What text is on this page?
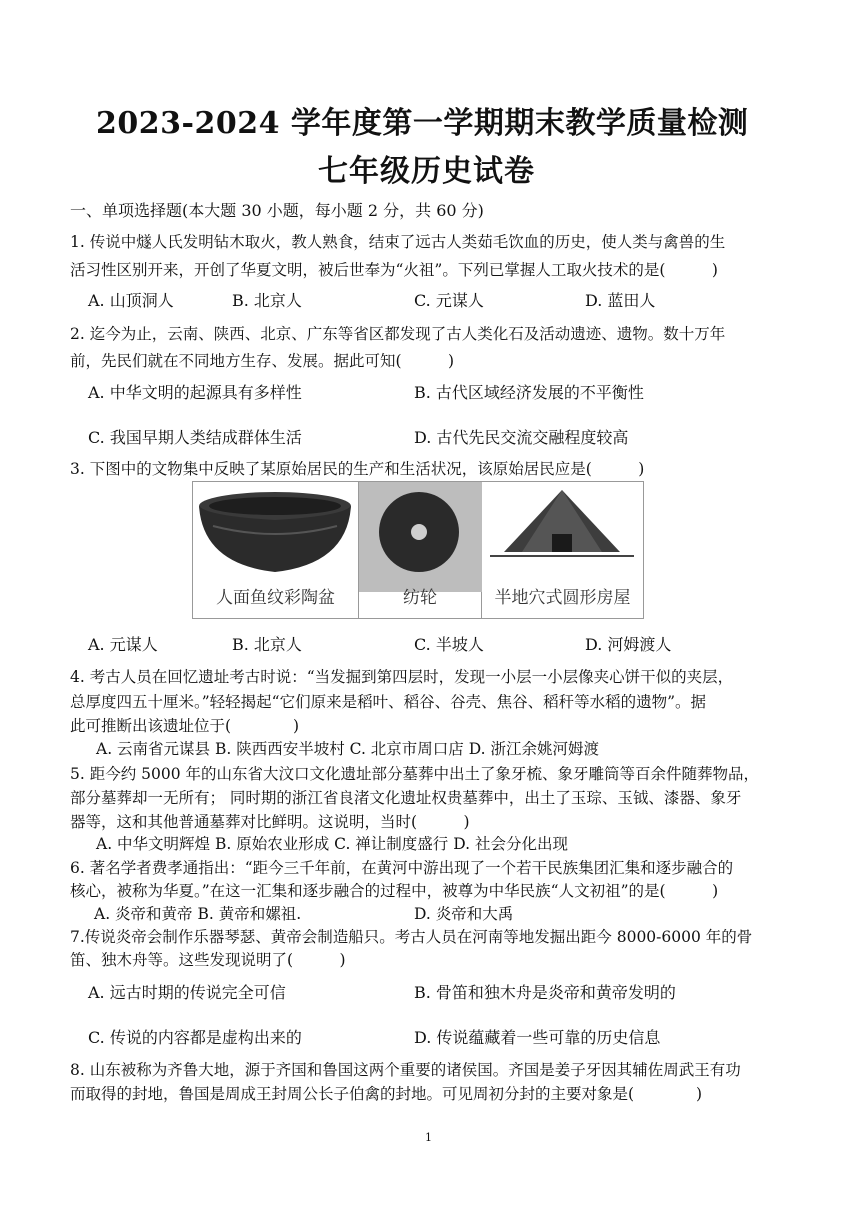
2023-2024 学年度第一学期期末教学质量检测
七年级历史试卷
一、单项选择题(本大题 30 小题，每小题 2 分，共 60 分)
1. 传说中燧人氏发明钻木取火，教人熟食，结束了远古人类茹毛饮血的历史，使人类与禽兽的生
活习性区别开来，开创了华夏文明，被后世奉为“火祖”。下列已掌握人工取火技术的是(　　　)
A. 山顶洞人	B. 北京人	C. 元谋人	D. 蓝田人
2. 迄今为止，云南、陕西、北京、广东等省区都发现了古人类化石及活动遗迹、遗物。数十万年
前，先民们就在不同地方生存、发展。据此可知(　　　)
A. 中华文明的起源具有多样性	B. 古代区域经济发展的不平衡性
C. 我国早期人类结成群体生活	D. 古代先民交流交融程度较高
3. 下图中的文物集中反映了某原始居民的生产和生活状况，该原始居民应是(　　　)
人面鱼纹彩陶盆	纺轮	半地穴式圆形房屋
A. 元谋人	B. 北京人	C. 半坡人	D. 河姆渡人
4. 考古人员在回忆遗址考古时说：“当发掘到第四层时，发现一小层一小层像夹心饼干似的夹层，
总厚度四五十厘米。”轻轻揭起“它们原来是稻叶、稻谷、谷壳、焦谷、稻秆等水稻的遗物”。据
此可推断出该遗址位于(　　　　)
A. 云南省元谋县 B. 陕西西安半坡村 C. 北京市周口店 D. 浙江余姚河姆渡
5. 距今约 5000 年的山东省大汶口文化遗址部分墓葬中出土了象牙梳、象牙雕筒等百余件随葬物品，
部分墓葬却一无所有； 同时期的浙江省良渚文化遗址权贵墓葬中，出土了玉琮、玉钺、漆器、象牙
器等，这和其他普通墓葬对比鲜明。这说明，当时(　　　)
A. 中华文明辉煌 B. 原始农业形成 C. 禅让制度盛行 D. 社会分化出现
6. 著名学者费孝通指出：“距今三千年前，在黄河中游出现了一个若干民族集团汇集和逐步融合的
核心，被称为华夏。”在这一汇集和逐步融合的过程中，被尊为中华民族“人文初祖”的是(　　　)
A. 炎帝和黄帝 B. 黄帝和嫘祖.	D. 炎帝和大禹
7.传说炎帝会制作乐器琴瑟、黄帝会制造船只。考古人员在河南等地发掘出距今 8000-6000 年的骨
笛、独木舟等。这些发现说明了(　　　)
A. 远古时期的传说完全可信	B. 骨笛和独木舟是炎帝和黄帝发明的
C. 传说的内容都是虚构出来的	D. 传说蕴藏着一些可靠的历史信息
8. 山东被称为齐鲁大地，源于齐国和鲁国这两个重要的诸侯国。齐国是姜子牙因其辅佐周武王有功
而取得的封地，鲁国是周成王封周公长子伯禽的封地。可见周初分封的主要对象是(　　　　)
1
